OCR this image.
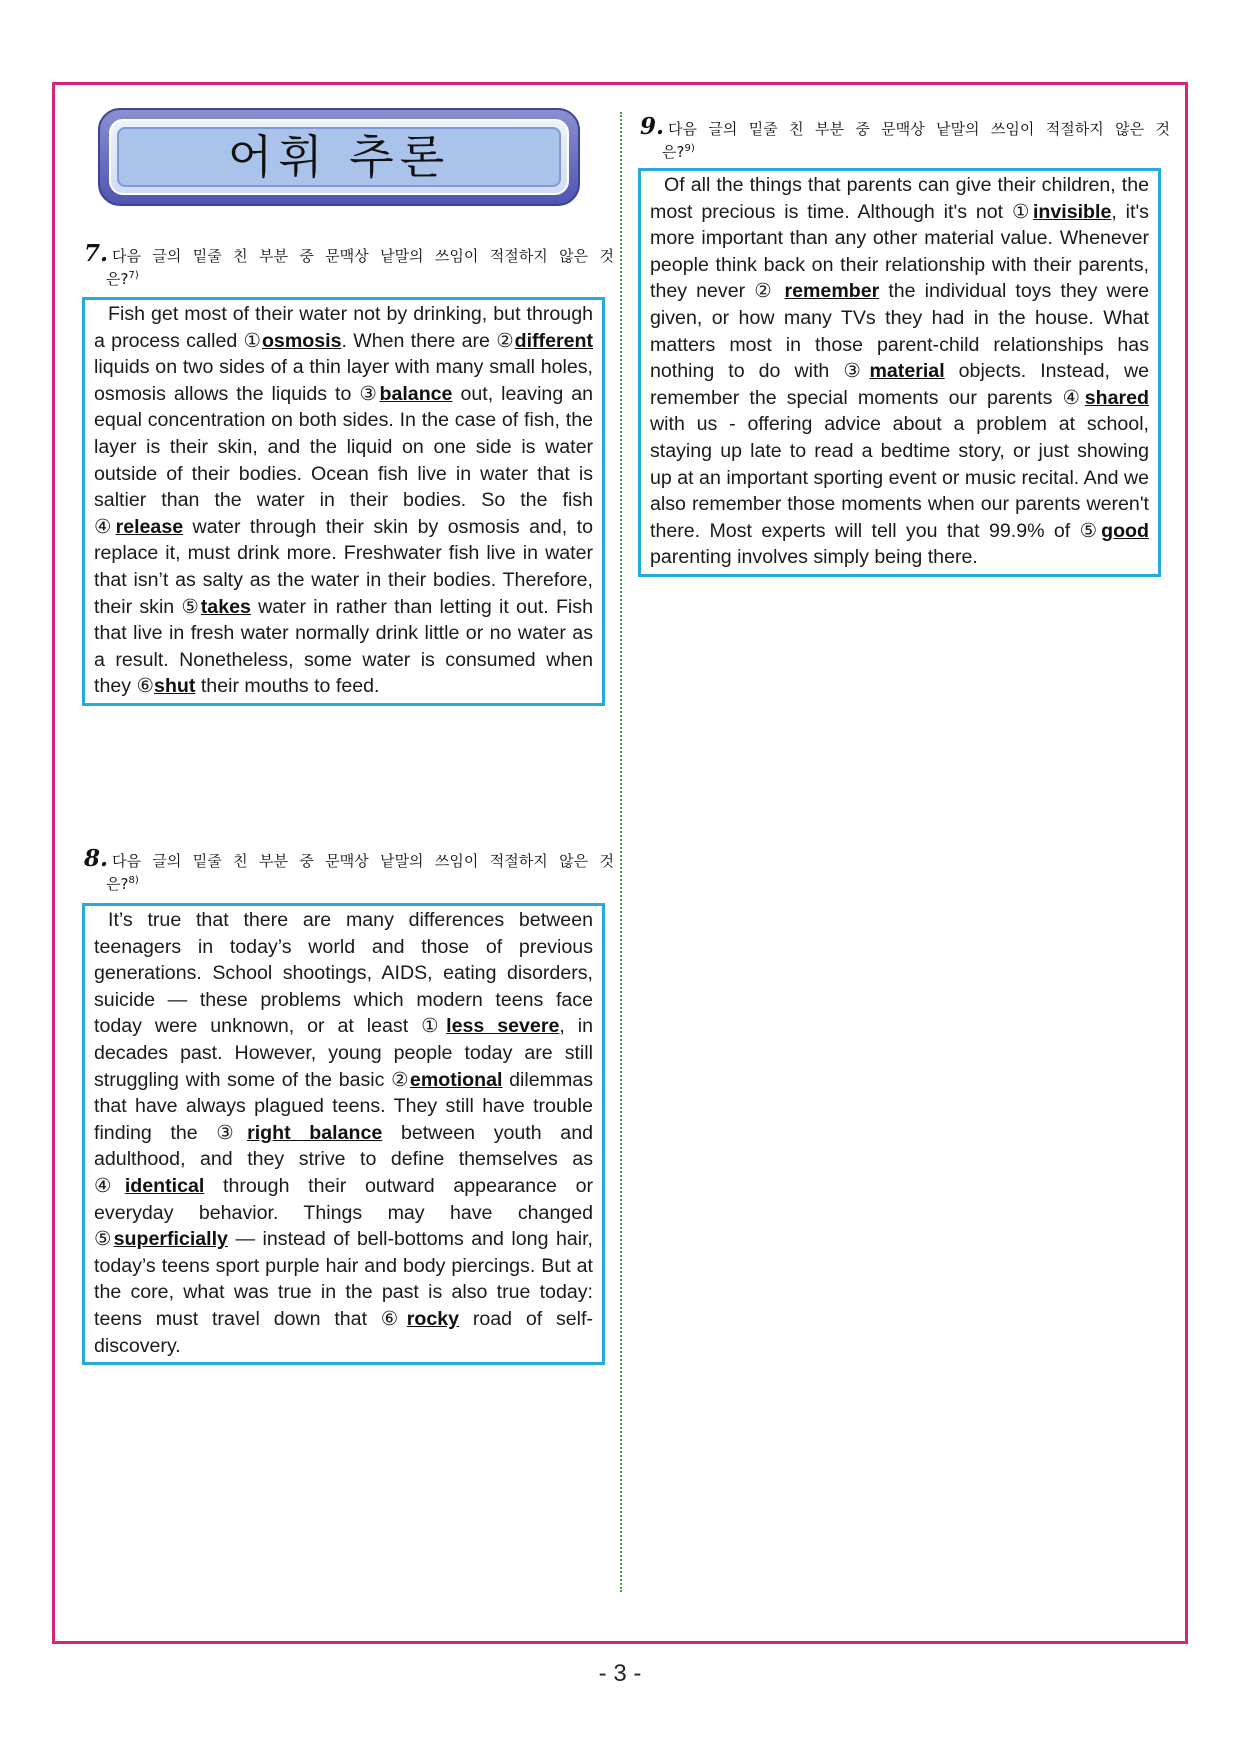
어휘 추론
7. 다음 글의 밑줄 친 부분 중 문맥상 낱말의 쓰임이 적절하지 않은 것
은?$^{7)}$

Fish get most of their water not by drinking, but through a process called ①osmosis. When there are ②different liquids on two sides of a thin layer with many small holes, osmosis allows the liquids to ③balance out, leaving an equal concentration on both sides. In the case of fish, the layer is their skin, and the liquid on one side is water outside of their bodies. Ocean fish live in water that is saltier than the water in their bodies. So the fish ④release water through their skin by osmosis and, to replace it, must drink more. Freshwater fish live in water that isn’t as salty as the water in their bodies. Therefore, their skin ⑤takes water in rather than letting it out. Fish that live in fresh water normally drink little or no water as a result. Nonetheless, some water is consumed when they ⑥shut their mouths to feed.

8. 다음 글의 밑줄 친 부분 중 문맥상 낱말의 쓰임이 적절하지 않은 것
은?$^{8)}$

It’s true that there are many differences between teenagers in today’s world and those of previous generations. School shootings, AIDS, eating disorders, suicide — these problems which modern teens face today were unknown, or at least ①less severe, in decades past. However, young people today are still struggling with some of the basic ②emotional dilemmas that have always plagued teens. They still have trouble finding the ③right balance between youth and adulthood, and they strive to define themselves as ④identical through their outward appearance or everyday behavior. Things may have changed ⑤superficially — instead of bell-bottoms and long hair, today’s teens sport purple hair and body piercings. But at the core, what was true in the past is also true today: teens must travel down that ⑥rocky road of self-discovery.

9. 다음 글의 밑줄 친 부분 중 문맥상 낱말의 쓰임이 적절하지 않은 것
은?$^{9)}$

Of all the things that parents can give their children, the most precious is time. Although it's not ①invisible, it's more important than any other material value. Whenever people think back on their relationship with their parents, they never ② remember the individual toys they were given, or how many TVs they had in the house. What matters most in those parent-child relationships has nothing to do with ③material objects. Instead, we remember the special moments our parents ④shared with us - offering advice about a problem at school, staying up late to read a bedtime story, or just showing up at an important sporting event or music recital. And we also remember those moments when our parents weren't there. Most experts will tell you that 99.9% of ⑤good parenting involves simply being there.

- 3 -
